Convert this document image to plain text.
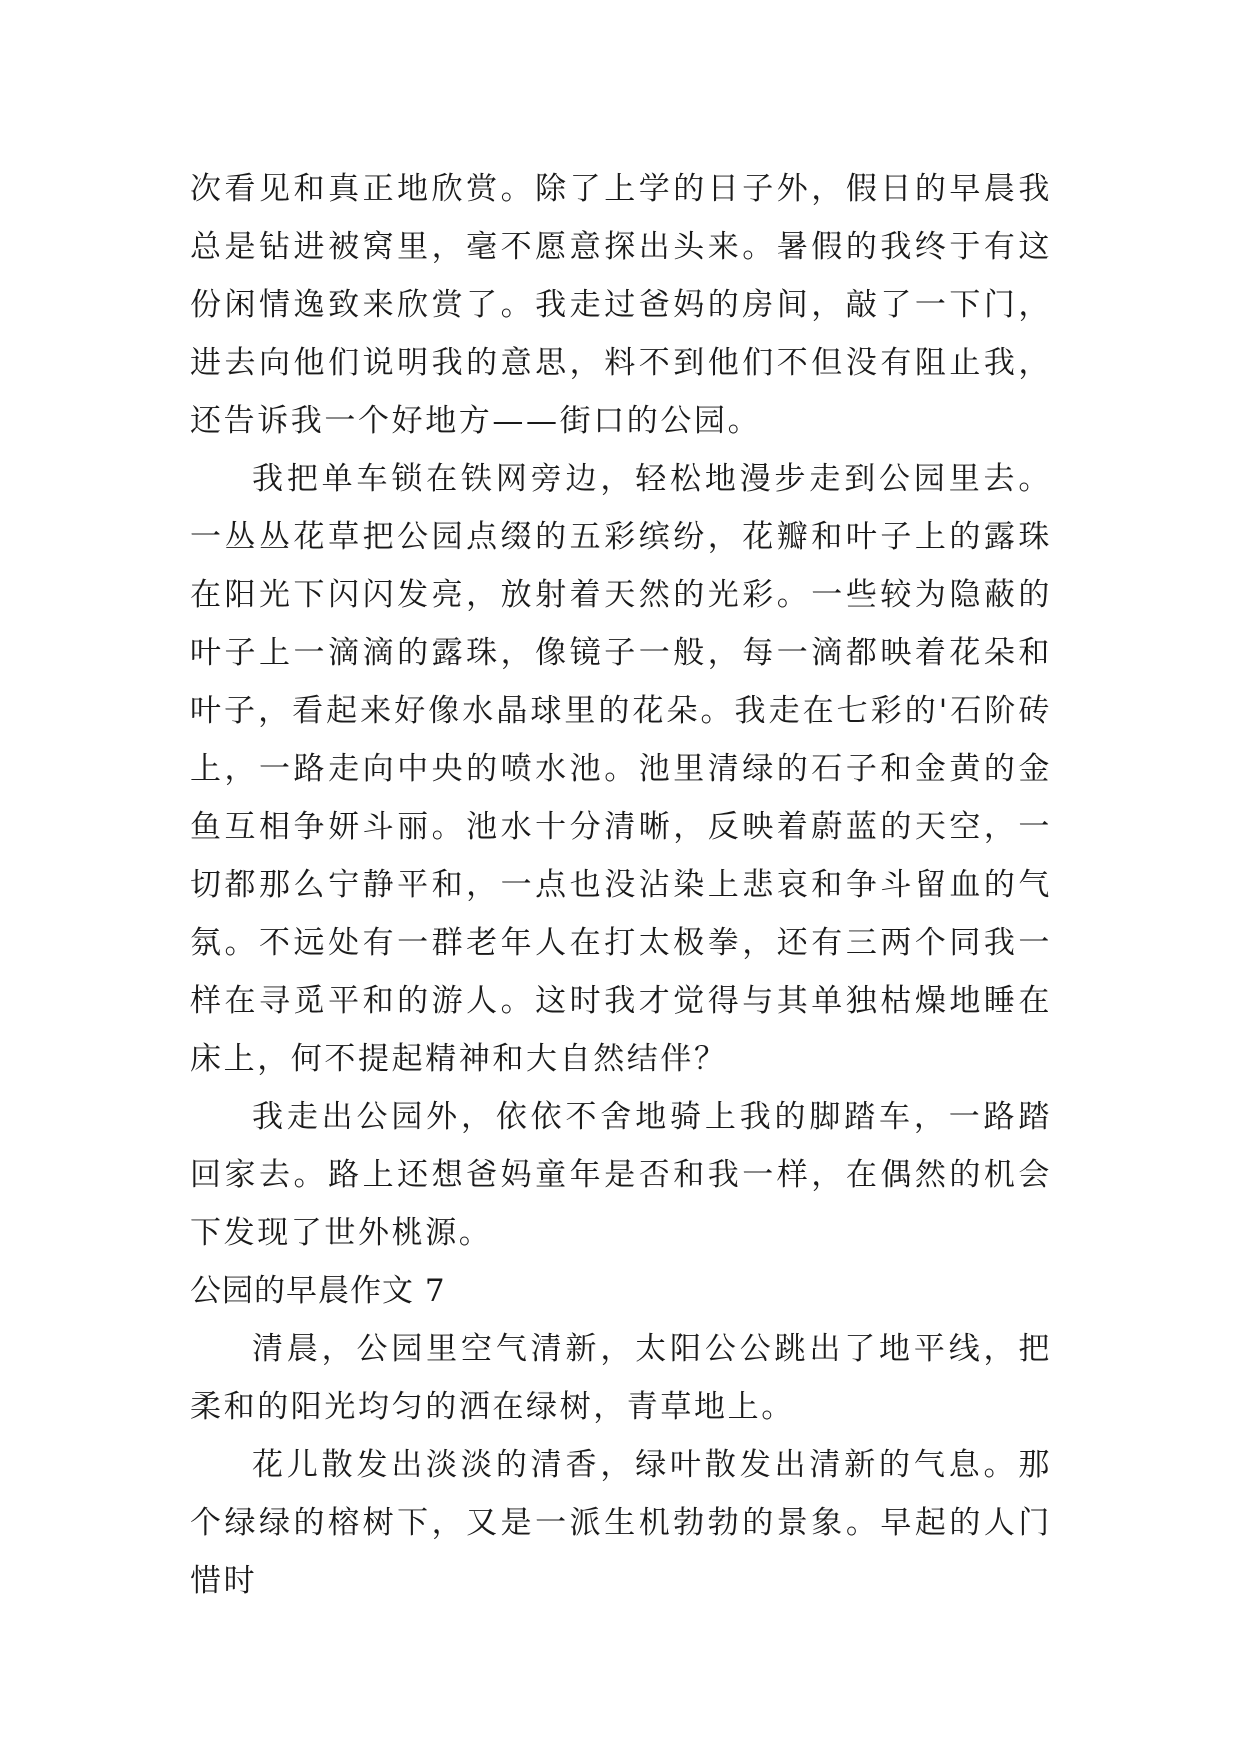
次看见和真正地欣赏。除了上学的日子外，假日的早晨我总是钻进被窝里，毫不愿意探出头来。暑假的我终于有这份闲情逸致来欣赏了。我走过爸妈的房间，敲了一下门，进去向他们说明我的意思，料不到他们不但没有阻止我，还告诉我一个好地方——街口的公园。

我把单车锁在铁网旁边，轻松地漫步走到公园里去。一丛丛花草把公园点缀的五彩缤纷，花瓣和叶子上的露珠在阳光下闪闪发亮，放射着天然的光彩。一些较为隐蔽的叶子上一滴滴的露珠，像镜子一般，每一滴都映着花朵和叶子，看起来好像水晶球里的花朵。我走在七彩的'石阶砖上，一路走向中央的喷水池。池里清绿的石子和金黄的金鱼互相争妍斗丽。池水十分清晰，反映着蔚蓝的天空，一切都那么宁静平和，一点也没沾染上悲哀和争斗留血的气氛。不远处有一群老年人在打太极拳，还有三两个同我一样在寻觅平和的游人。这时我才觉得与其单独枯燥地睡在床上，何不提起精神和大自然结伴？

我走出公园外，依依不舍地骑上我的脚踏车，一路踏回家去。路上还想爸妈童年是否和我一样，在偶然的机会下发现了世外桃源。

公园的早晨作文 7

清晨，公园里空气清新，太阳公公跳出了地平线，把柔和的阳光均匀的洒在绿树，青草地上。

花儿散发出淡淡的清香，绿叶散发出清新的气息。那个绿绿的榕树下，又是一派生机勃勃的景象。早起的人门惜时
